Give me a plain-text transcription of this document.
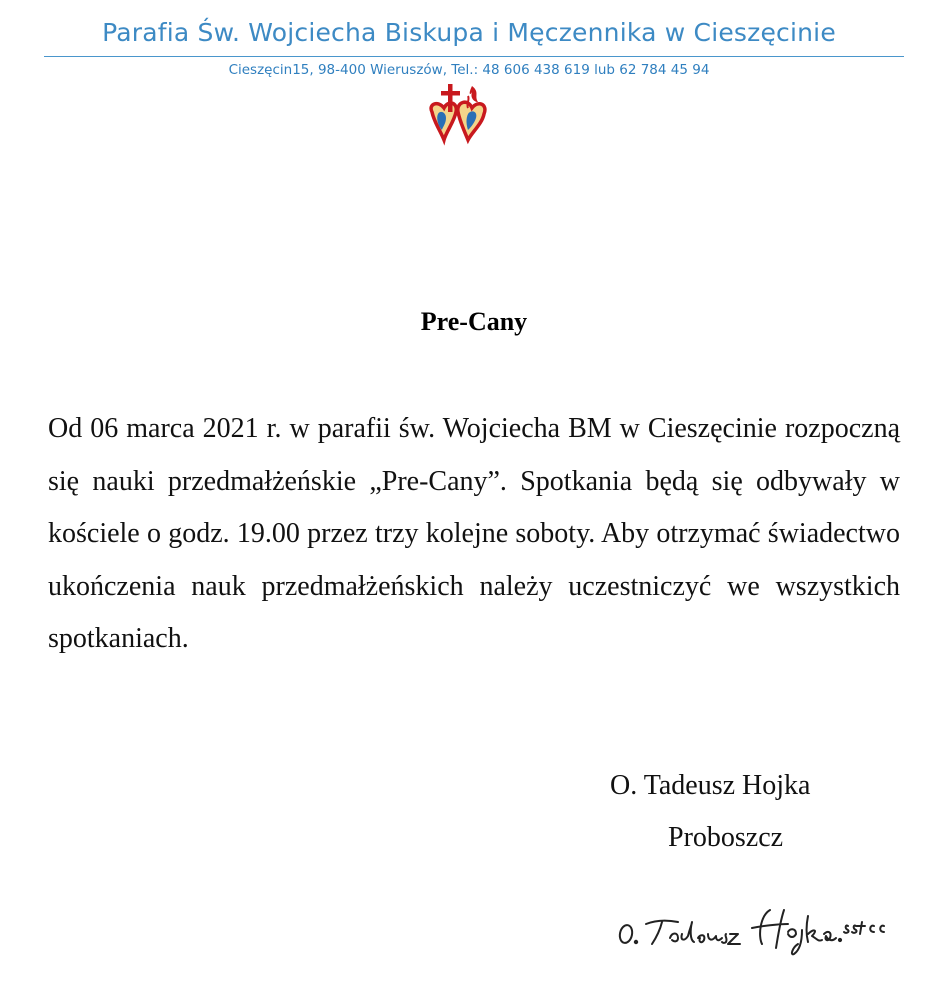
Parafia Św. Wojciecha Biskupa i Męczennika w Cieszęcinie
Cieszęcin15, 98-400 Wieruszów, Tel.: 48 606 438 619 lub 62 784 45 94
Pre-Cany

Od 06 marca 2021 r. w parafii św. Wojciecha BM w Cieszęcinie rozpoczną się nauki przedmałżeńskie „Pre-Cany”. Spotkania będą się odbywały w kościele o godz. 19.00 przez trzy kolejne soboty. Aby otrzymać świadectwo ukończenia nauk przedmałżeńskich należy uczestniczyć we wszystkich spotkaniach.

O. Tadeusz Hojka
Proboszcz
